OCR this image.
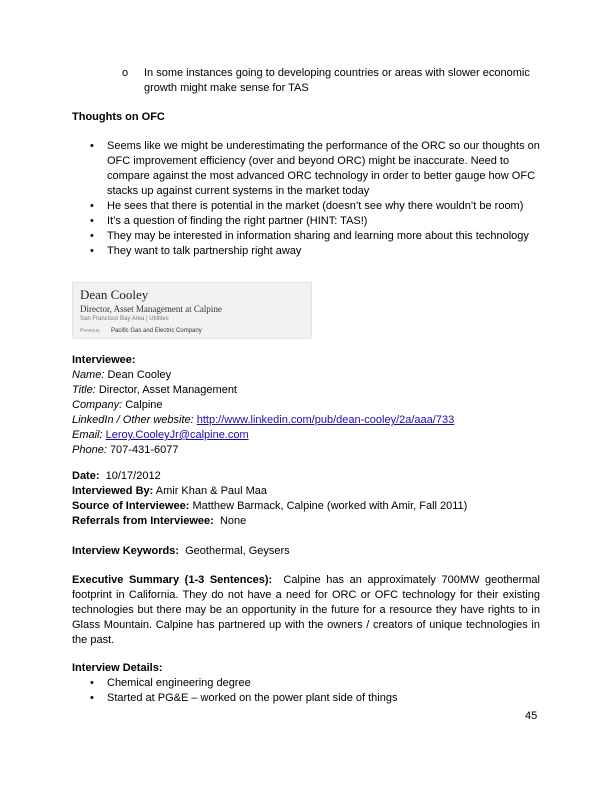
o In some instances going to developing countries or areas with slower economic growth might make sense for TAS
Thoughts on OFC
• Seems like we might be underestimating the performance of the ORC so our thoughts on OFC improvement efficiency (over and beyond ORC) might be inaccurate. Need to compare against the most advanced ORC technology in order to better gauge how OFC stacks up against current systems in the market today
• He sees that there is potential in the market (doesn’t see why there wouldn’t be room)
• It’s a question of finding the right partner (HINT: TAS!)
• They may be interested in information sharing and learning more about this technology
• They want to talk partnership right away
Dean Cooley
Director, Asset Management at Calpine
San Francisco Bay Area | Utilities
Previous Pacific Gas and Electric Company
Interviewee:
Name: Dean Cooley
Title: Director, Asset Management
Company: Calpine
LinkedIn / Other website: http://www.linkedin.com/pub/dean-cooley/2a/aaa/733
Email: Leroy.CooleyJr@calpine.com
Phone: 707-431-6077
Date: 10/17/2012
Interviewed By: Amir Khan & Paul Maa
Source of Interviewee: Matthew Barmack, Calpine (worked with Amir, Fall 2011)
Referrals from Interviewee: None
Interview Keywords: Geothermal, Geysers
Executive Summary (1-3 Sentences): Calpine has an approximately 700MW geothermal footprint in California. They do not have a need for ORC or OFC technology for their existing technologies but there may be an opportunity in the future for a resource they have rights to in Glass Mountain. Calpine has partnered up with the owners / creators of unique technologies in the past.
Interview Details:
• Chemical engineering degree
• Started at PG&E – worked on the power plant side of things
45
